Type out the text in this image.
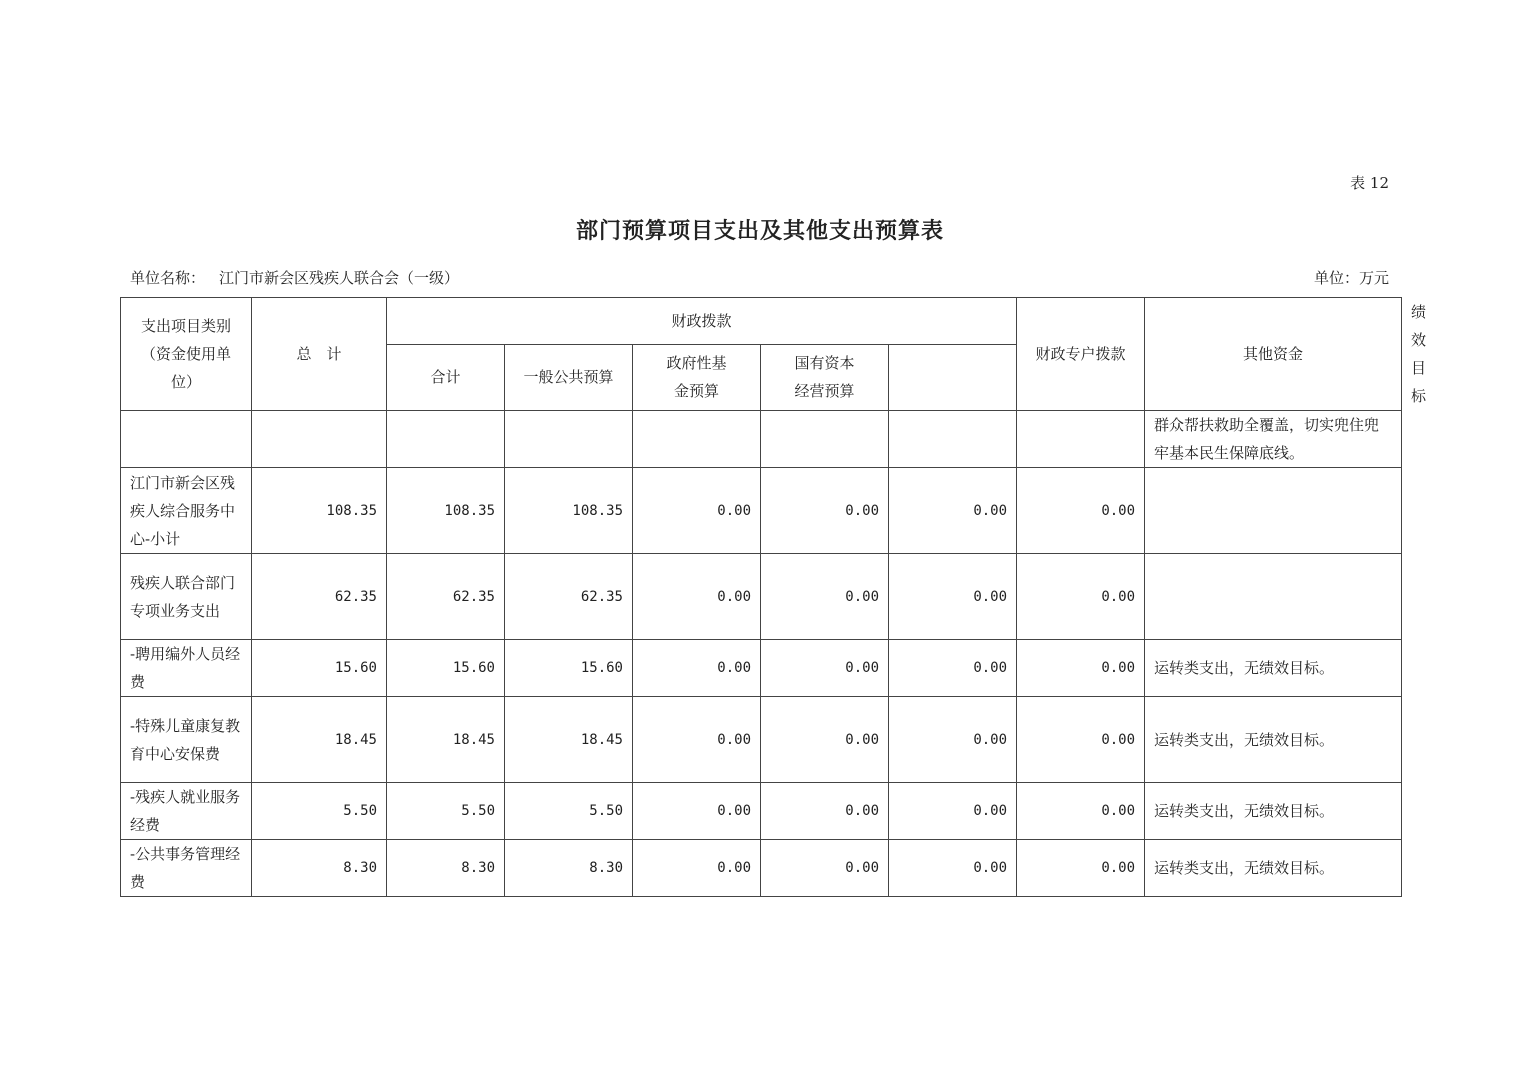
表 12
部门预算项目支出及其他支出预算表
单位名称： 江门市新会区残疾人联合会（一级）	单位：万元
支出项目类别（资金使用单位）	总　计	财政拨款					财政专户拨款	其他资金	绩效目标
		合计	一般公共预算	政府性基金预算	国有资本经营预算				
								群众帮扶救助全覆盖，切实兜住兜牢基本民生保障底线。	
江门市新会区残疾人综合服务中心-小计	108.35	108.35	108.35	0.00	0.00	0.00	0.00		
残疾人联合部门专项业务支出	62.35	62.35	62.35	0.00	0.00	0.00	0.00		
-聘用编外人员经费	15.60	15.60	15.60	0.00	0.00	0.00	0.00	运转类支出，无绩效目标。	
-特殊儿童康复教育中心安保费	18.45	18.45	18.45	0.00	0.00	0.00	0.00	运转类支出，无绩效目标。	
-残疾人就业服务经费	5.50	5.50	5.50	0.00	0.00	0.00	0.00	运转类支出，无绩效目标。	
-公共事务管理经费	8.30	8.30	8.30	0.00	0.00	0.00	0.00	运转类支出，无绩效目标。	
